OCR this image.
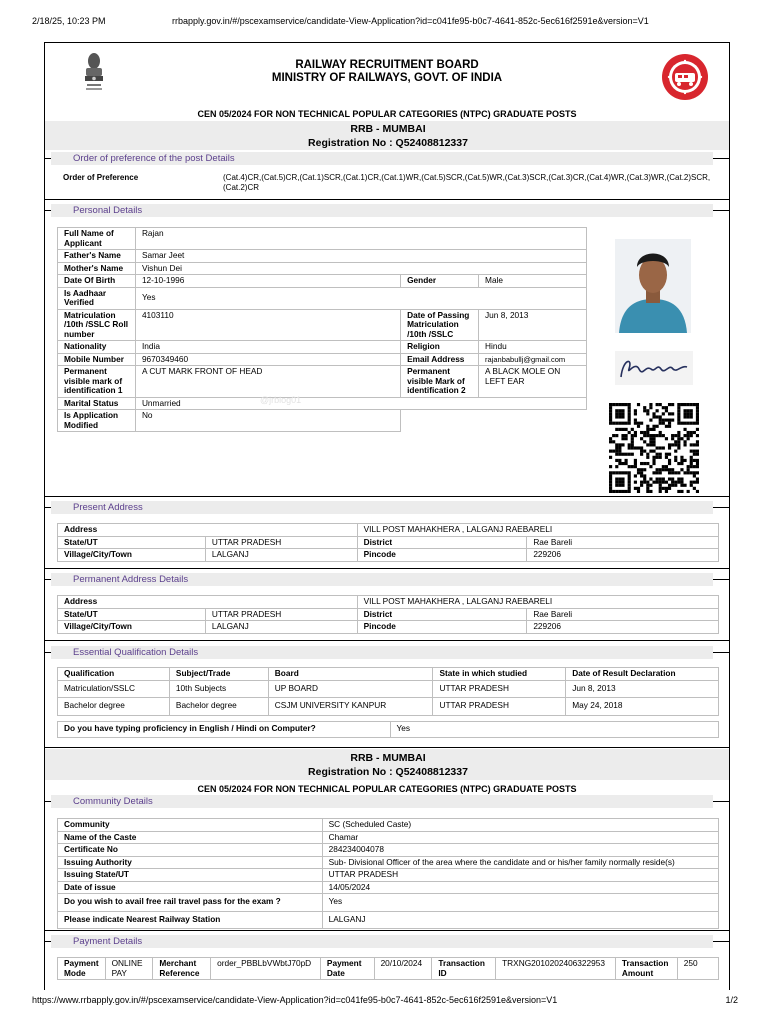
2/18/25, 10:23 PM	rrbapply.gov.in/#/pscexamservice/candidate-View-Application?id=c041fe95-b0c7-4641-852c-5ec616f2591e&version=V1
RAILWAY RECRUITMENT BOARD
MINISTRY OF RAILWAYS, GOVT. OF INDIA
CEN 05/2024 FOR NON TECHNICAL POPULAR CATEGORIES (NTPC) GRADUATE POSTS
RRB - MUMBAI
Registration No : Q52408812337
Order of preference of the post Details
Order of Preference	(Cat.4)CR,(Cat.5)CR,(Cat.1)SCR,(Cat.1)CR,(Cat.1)WR,(Cat.5)SCR,(Cat.5)WR,(Cat.3)SCR,(Cat.3)CR,(Cat.4)WR,(Cat.3)WR,(Cat.2)SCR,(Cat.2)CR
Personal Details
Full Name of Applicant	Rajan		
Father's Name	Samar Jeet		
Mother's Name	Vishun Dei		
Date Of Birth	12-10-1996	Gender	Male
Is Aadhaar Verified	Yes		
Matriculation /10th /SSLC Roll number	4103110	Date of Passing Matriculation /10th /SSLC	Jun 8, 2013
Nationality	India	Religion	Hindu
Mobile Number	9670349460	Email Address	rajanbabullj@gmail.com
Permanent visible mark of identification 1	A CUT MARK FRONT OF HEAD	Permanent visible Mark of identification 2	A BLACK MOLE ON LEFT EAR
Marital Status	Unmarried		
Is Application Modified	No		
@jrblog01
Present Address
Address		VILL POST MAHAKHERA , LALGANJ RAEBARELI	
State/UT	UTTAR PRADESH	District	Rae Bareli
Village/City/Town	LALGANJ	Pincode	229206
Permanent Address Details
Address		VILL POST MAHAKHERA , LALGANJ RAEBARELI	
State/UT	UTTAR PRADESH	District	Rae Bareli
Village/City/Town	LALGANJ	Pincode	229206
Essential Qualification Details
Qualification	Subject/Trade	Board	State in which studied	Date of Result Declaration
Matriculation/SSLC	10th Subjects	UP BOARD	UTTAR PRADESH	Jun 8, 2013
Bachelor degree	Bachelor degree	CSJM UNIVERSITY KANPUR	UTTAR PRADESH	May 24, 2018
Do you have typing proficiency in English / Hindi on Computer?	Yes
RRB - MUMBAI
Registration No : Q52408812337
CEN 05/2024 FOR NON TECHNICAL POPULAR CATEGORIES (NTPC) GRADUATE POSTS
Community Details
Community	SC (Scheduled Caste)
Name of the Caste	Chamar
Certificate No	284234004078
Issuing Authority	Sub- Divisional Officer of the area where the candidate and or his/her family normally reside(s)
Issuing State/UT	UTTAR PRADESH
Date of issue	14/05/2024
Do you wish to avail free rail travel pass for the exam ?	Yes
Please indicate Nearest Railway Station	LALGANJ
Payment Details
Payment Mode	ONLINE PAY	Merchant Reference	order_PBBLbVWbtJ70pD	Payment Date	20/10/2024	Transaction ID	TRXNG2010202406322953	Transaction Amount	250
https://www.rrbapply.gov.in/#/pscexamservice/candidate-View-Application?id=c041fe95-b0c7-4641-852c-5ec616f2591e&version=V1	1/2
